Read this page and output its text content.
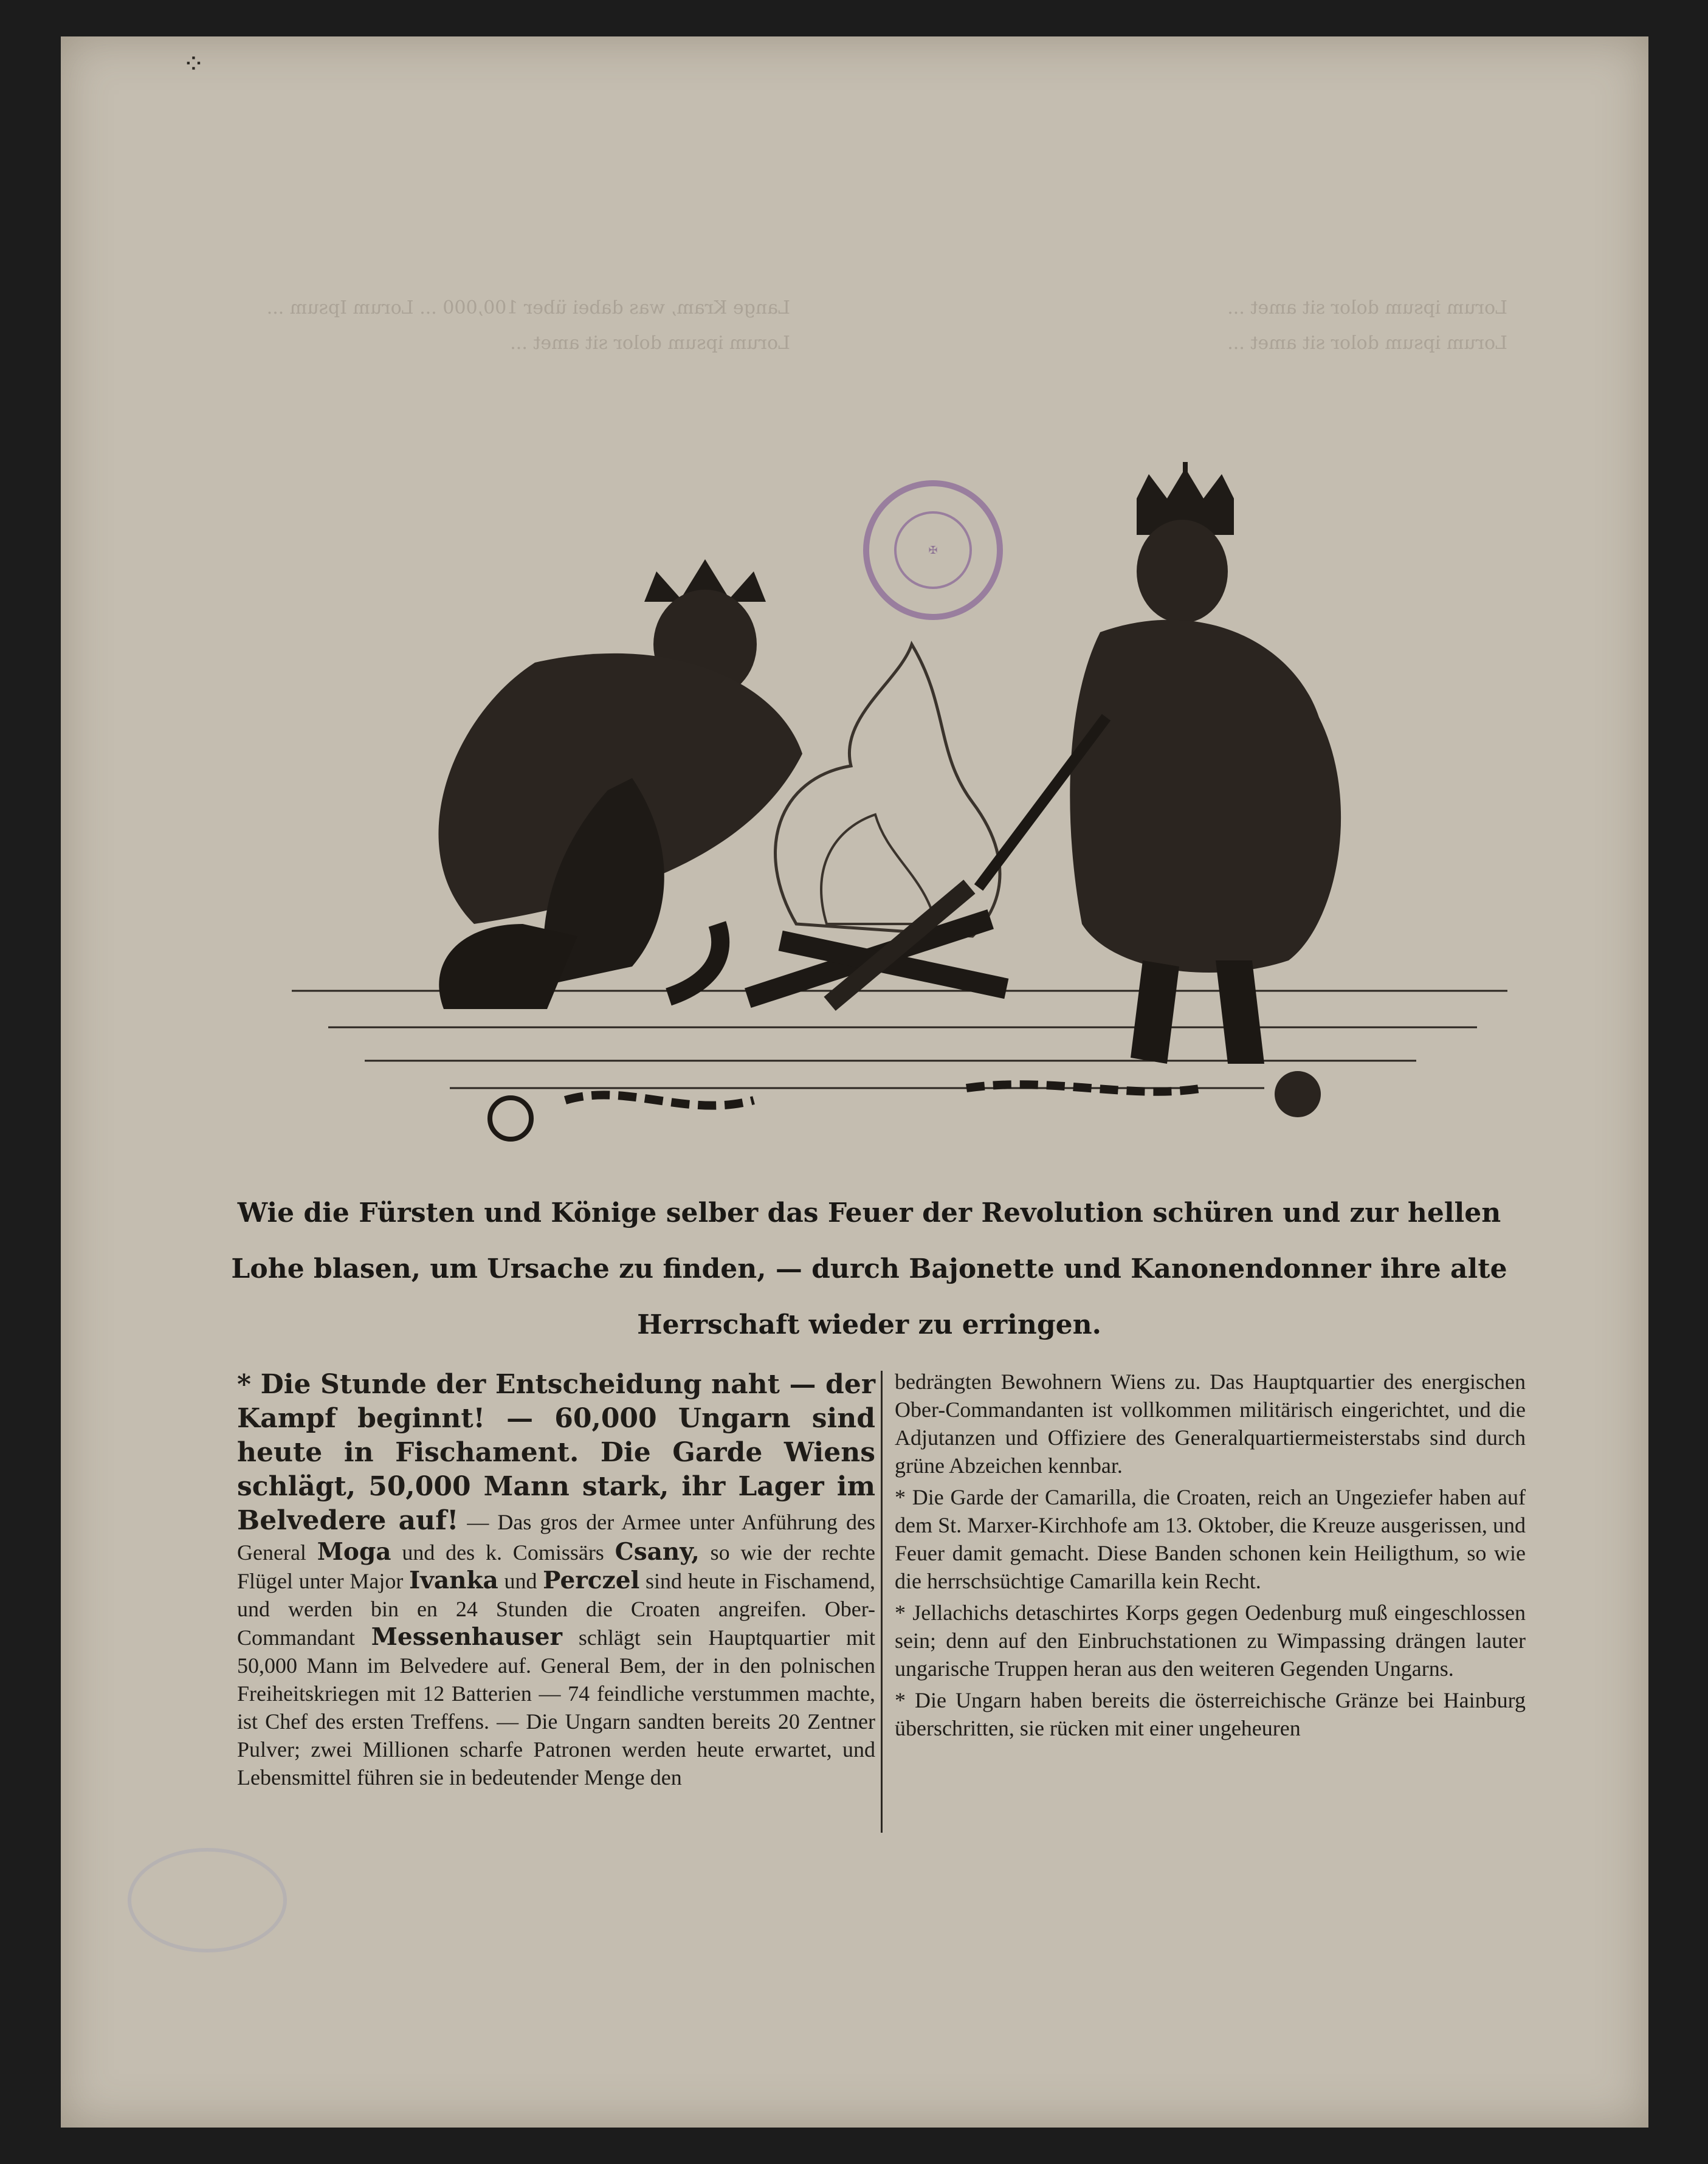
⁘

Lange Kram, was dabei über 100,000 ... Lorum Ipsum ...
Lorum ipsum dolor sit amet ...

Lorum ipsum dolor sit amet ...
Lorum ipsum dolor sit amet ...

✠

Wie die Fürsten und Könige selber das Feuer der Revolution schüren und zur hellen Lohe blasen, um Ursache zu finden, — durch Bajonette und Kanonendonner ihre alte Herrschaft wieder zu erringen.

* Die Stunde der Entscheidung naht — der Kampf beginnt! — 60,000 Ungarn sind heute in Fischament. Die Garde Wiens schlägt, 50,000 Mann stark, ihr Lager im Belvedere auf! — Das gros der Armee unter Anführung des General Moga und des k. Comissärs Csany, so wie der rechte Flügel unter Major Ivanka und Perczel sind heute in Fischamend, und werden bin en 24 Stunden die Croaten angreifen. Ober-Commandant Messenhauser schlägt sein Hauptquartier mit 50,000 Mann im Belvedere auf. General Bem, der in den polnischen Freiheitskriegen mit 12 Batterien — 74 feindliche verstummen machte, ist Chef des ersten Treffens. — Die Ungarn sandten bereits 20 Zentner Pulver; zwei Millionen scharfe Patronen werden heute erwartet, und Lebensmittel führen sie in bedeutender Menge den

bedrängten Bewohnern Wiens zu. Das Hauptquartier des energischen Ober-Commandanten ist vollkommen militärisch eingerichtet, und die Adjutanzen und Offiziere des Generalquartiermeisterstabs sind durch grüne Abzeichen kennbar.

* Die Garde der Camarilla, die Croaten, reich an Ungeziefer haben auf dem St. Marxer-Kirchhofe am 13. Oktober, die Kreuze ausgerissen, und Feuer damit gemacht. Diese Banden schonen kein Heiligthum, so wie die herrschsüchtige Camarilla kein Recht.

* Jellachichs detaschirtes Korps gegen Oedenburg muß eingeschlossen sein; denn auf den Einbruchstationen zu Wimpassing drängen lauter ungarische Truppen heran aus den weiteren Gegenden Ungarns.

* Die Ungarn haben bereits die österreichische Gränze bei Hainburg überschritten, sie rücken mit einer ungeheuren
